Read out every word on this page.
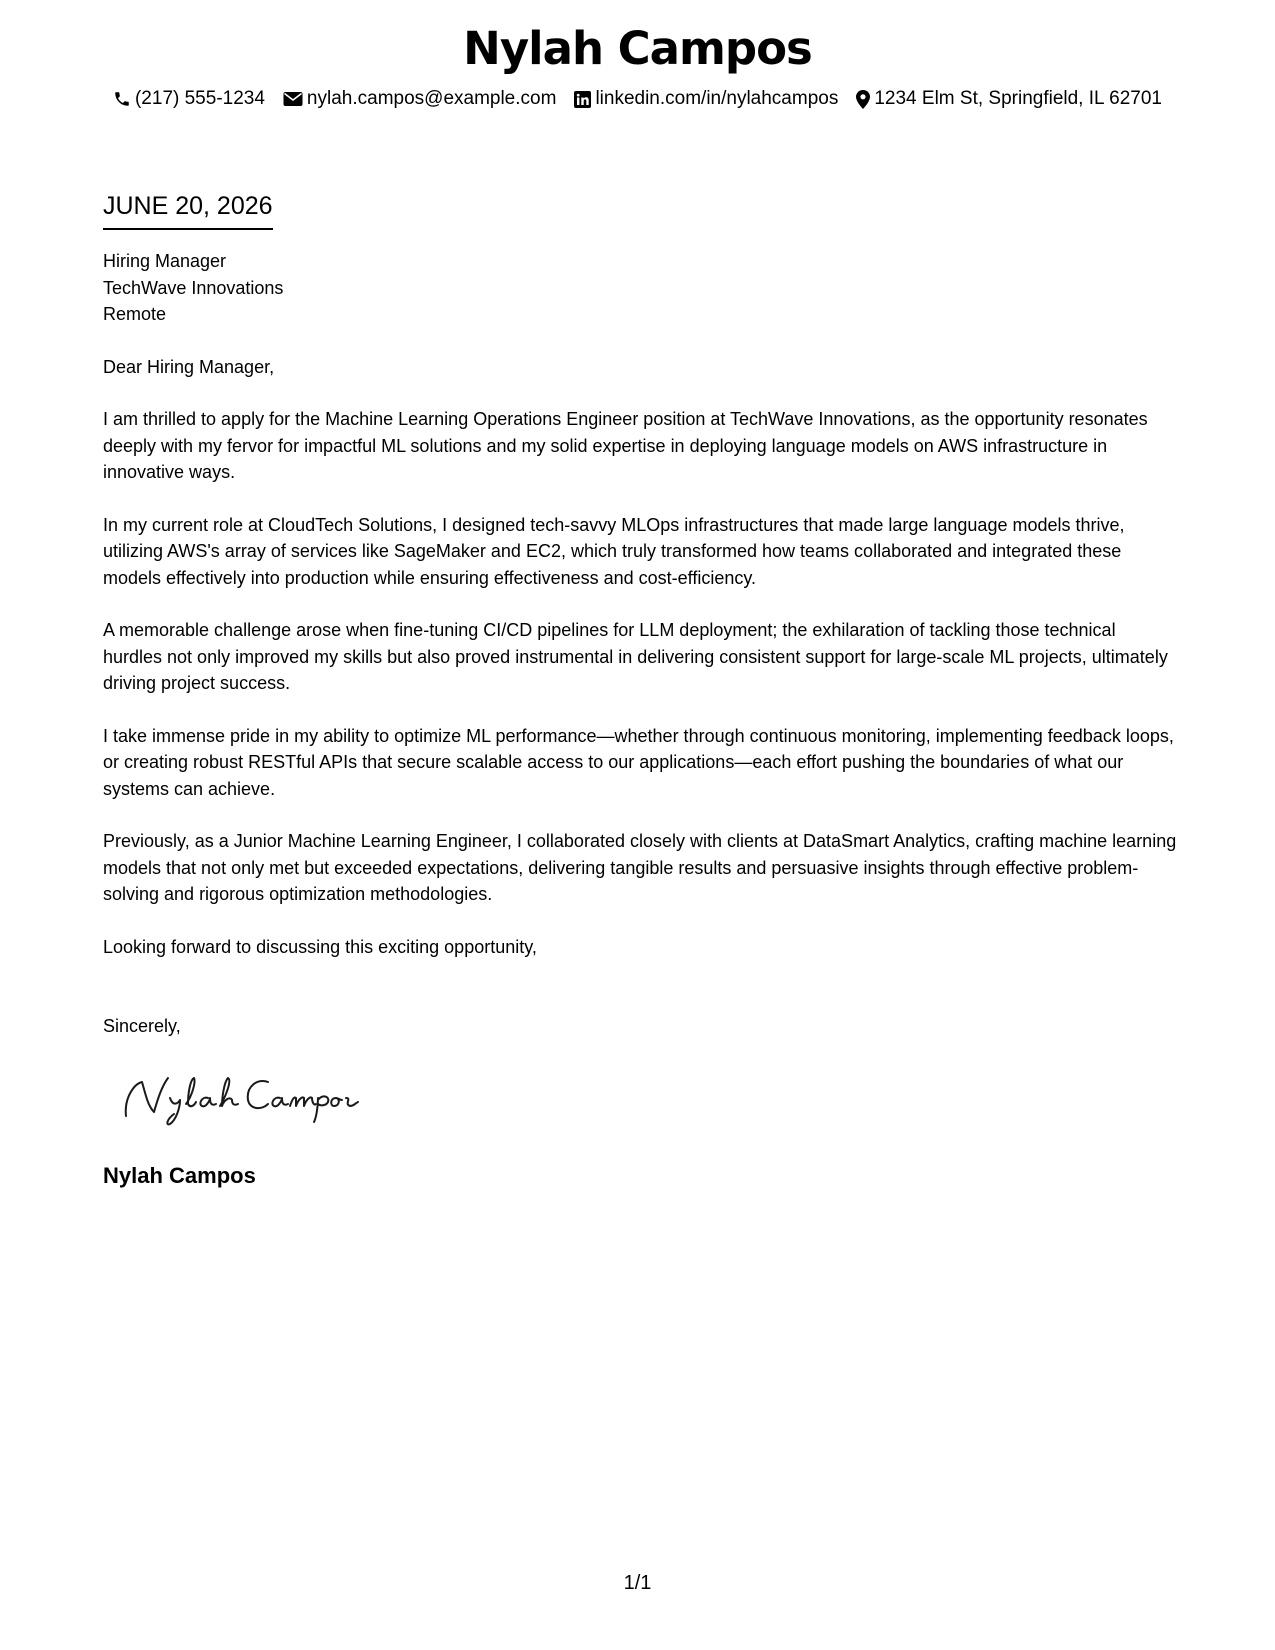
Nylah Campos
(217) 555-1234 nylah.campos@example.com linkedin.com/in/nylahcampos 1234 Elm St, Springfield, IL 62701
JUNE 20, 2026
Hiring Manager
TechWave Innovations
Remote
Dear Hiring Manager,

I am thrilled to apply for the Machine Learning Operations Engineer position at TechWave Innovations, as the opportunity resonates deeply with my fervor for impactful ML solutions and my solid expertise in deploying language models on AWS infrastructure in innovative ways.

In my current role at CloudTech Solutions, I designed tech-savvy MLOps infrastructures that made large language models thrive, utilizing AWS's array of services like SageMaker and EC2, which truly transformed how teams collaborated and integrated these models effectively into production while ensuring effectiveness and cost-efficiency.

A memorable challenge arose when fine-tuning CI/CD pipelines for LLM deployment; the exhilaration of tackling those technical hurdles not only improved my skills but also proved instrumental in delivering consistent support for large-scale ML projects, ultimately driving project success.

I take immense pride in my ability to optimize ML performance—whether through continuous monitoring, implementing feedback loops, or creating robust RESTful APIs that secure scalable access to our applications—each effort pushing the boundaries of what our systems can achieve.

Previously, as a Junior Machine Learning Engineer, I collaborated closely with clients at DataSmart Analytics, crafting machine learning models that not only met but exceeded expectations, delivering tangible results and persuasive insights through effective problem-solving and rigorous optimization methodologies.

Looking forward to discussing this exciting opportunity,
Sincerely,
Nylah Campos
1/1
